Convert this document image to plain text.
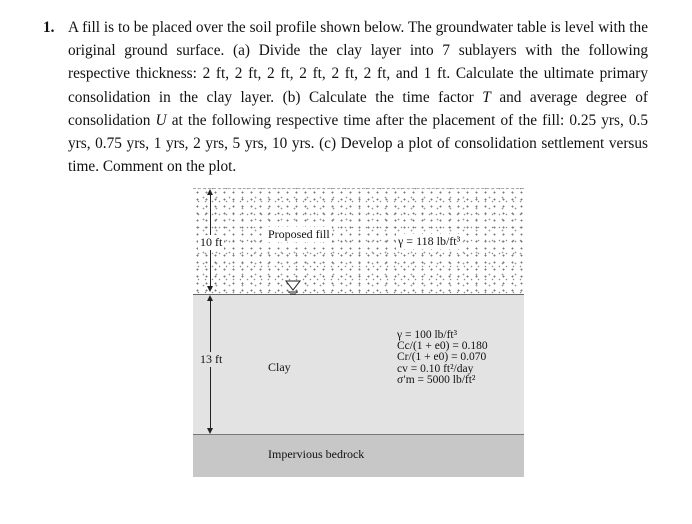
1. A fill is to be placed over the soil profile shown below. The groundwater table is level with the original ground surface. (a) Divide the clay layer into 7 sublayers with the following respective thickness: 2 ft, 2 ft, 2 ft, 2 ft, 2 ft, 2 ft, and 1 ft. Calculate the ultimate primary consolidation in the clay layer. (b) Calculate the time factor T and average degree of consolidation U at the following respective time after the placement of the fill: 0.25 yrs, 0.5 yrs, 0.75 yrs, 1 yrs, 2 yrs, 5 yrs, 10 yrs. (c) Develop a plot of consolidation settlement versus time. Comment on the plot.
10 ft
13 ft
Proposed fill	γ = 118 lb/ft³
Clay
Impervious bedrock
γ = 100 lb/ft³
Cc/(1 + e0) = 0.180
Cr/(1 + e0) = 0.070
cv = 0.10 ft²/day
σ′m = 5000 lb/ft²
